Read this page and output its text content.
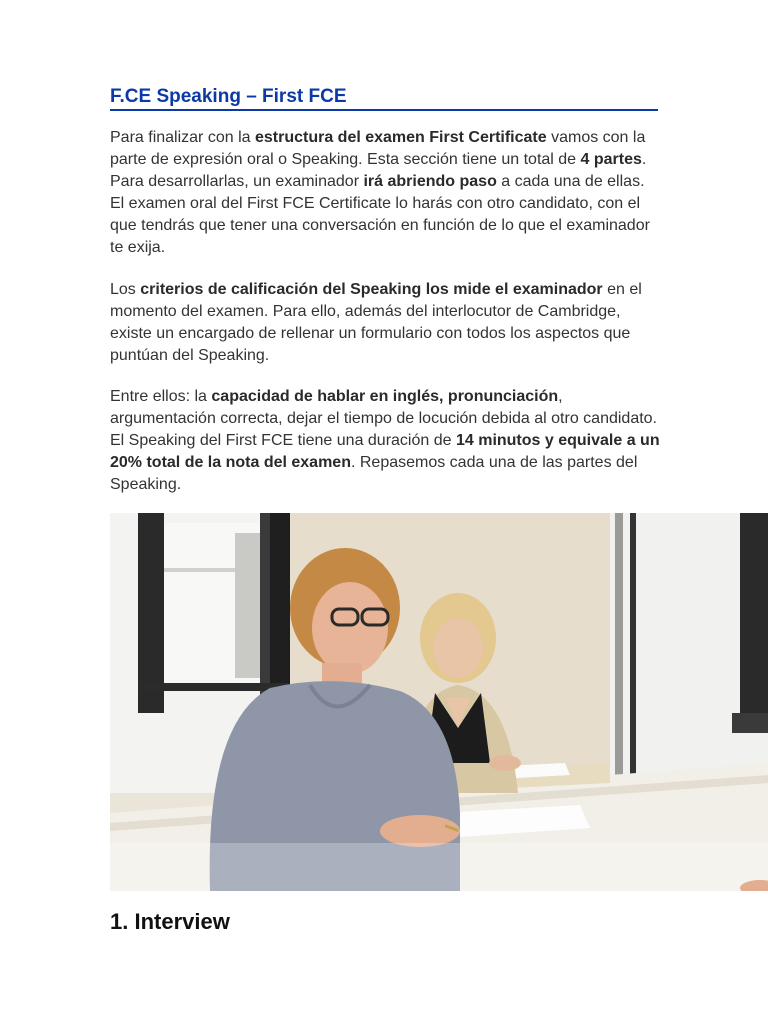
F.CE Speaking – First FCE

Para finalizar con la estructura del examen First Certificate vamos con la parte de expresión oral o Speaking. Esta sección tiene un total de 4 partes. Para desarrollarlas, un examinador irá abriendo paso a cada una de ellas. El examen oral del First FCE Certificate lo harás con otro candidato, con el que tendrás que tener una conversación en función de lo que el examinador te exija.

Los criterios de calificación del Speaking los mide el examinador en el momento del examen. Para ello, además del interlocutor de Cambridge, existe un encargado de rellenar un formulario con todos los aspectos que puntúan del Speaking.

Entre ellos: la capacidad de hablar en inglés, pronunciación, argumentación correcta, dejar el tiempo de locución debida al otro candidato. El Speaking del First FCE tiene una duración de 14 minutos y equivale a un 20% total de la nota del examen. Repasemos cada una de las partes del Speaking.

1. Interview
